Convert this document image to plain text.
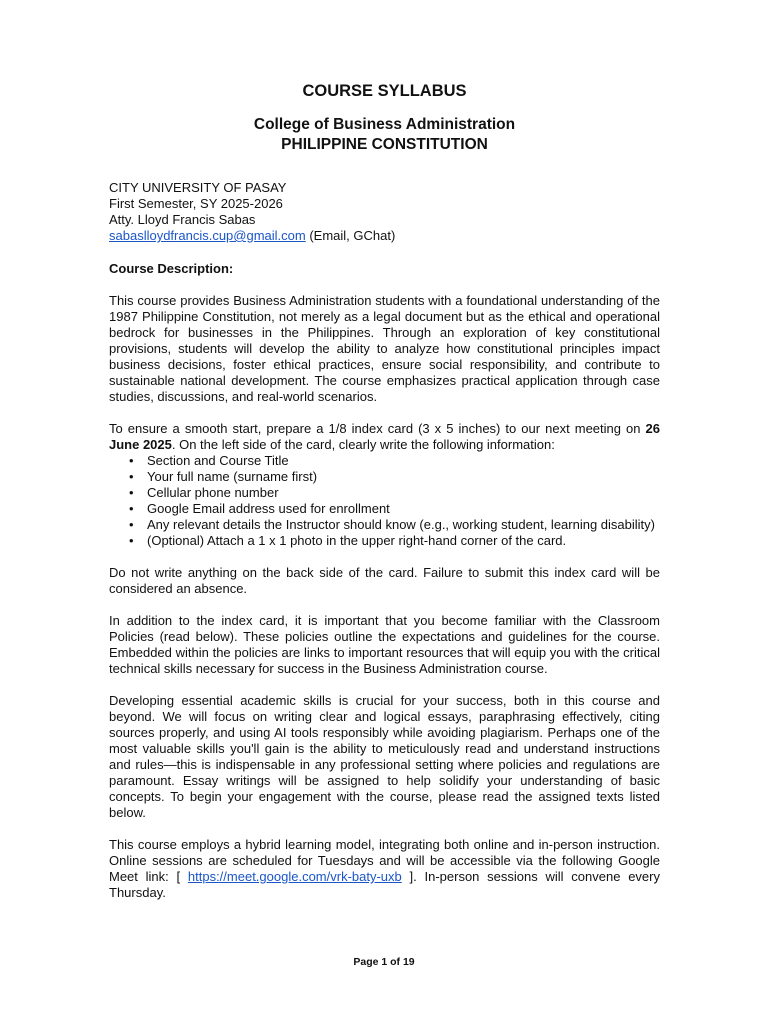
COURSE SYLLABUS
College of Business Administration
PHILIPPINE CONSTITUTION
CITY UNIVERSITY OF PASAY
First Semester, SY 2025-2026
Atty. Lloyd Francis Sabas
sabaslloydfrancis.cup@gmail.com (Email, GChat)
Course Description:
This course provides Business Administration students with a foundational understanding of the 1987 Philippine Constitution, not merely as a legal document but as the ethical and operational bedrock for businesses in the Philippines. Through an exploration of key constitutional provisions, students will develop the ability to analyze how constitutional principles impact business decisions, foster ethical practices, ensure social responsibility, and contribute to sustainable national development. The course emphasizes practical application through case studies, discussions, and real-world scenarios.
To ensure a smooth start, prepare a 1/8 index card (3 x 5 inches) to our next meeting on 26 June 2025. On the left side of the card, clearly write the following information:
• Section and Course Title
• Your full name (surname first)
• Cellular phone number
• Google Email address used for enrollment
• Any relevant details the Instructor should know (e.g., working student, learning disability)
• (Optional) Attach a 1 x 1 photo in the upper right-hand corner of the card.
Do not write anything on the back side of the card. Failure to submit this index card will be considered an absence.
In addition to the index card, it is important that you become familiar with the Classroom Policies (read below). These policies outline the expectations and guidelines for the course. Embedded within the policies are links to important resources that will equip you with the critical technical skills necessary for success in the Business Administration course.
Developing essential academic skills is crucial for your success, both in this course and beyond. We will focus on writing clear and logical essays, paraphrasing effectively, citing sources properly, and using AI tools responsibly while avoiding plagiarism. Perhaps one of the most valuable skills you'll gain is the ability to meticulously read and understand instructions and rules—this is indispensable in any professional setting where policies and regulations are paramount. Essay writings will be assigned to help solidify your understanding of basic concepts. To begin your engagement with the course, please read the assigned texts listed below.
This course employs a hybrid learning model, integrating both online and in-person instruction. Online sessions are scheduled for Tuesdays and will be accessible via the following Google Meet link: [ https://meet.google.com/vrk-baty-uxb ]. In-person sessions will convene every Thursday.
Page 1 of 19
